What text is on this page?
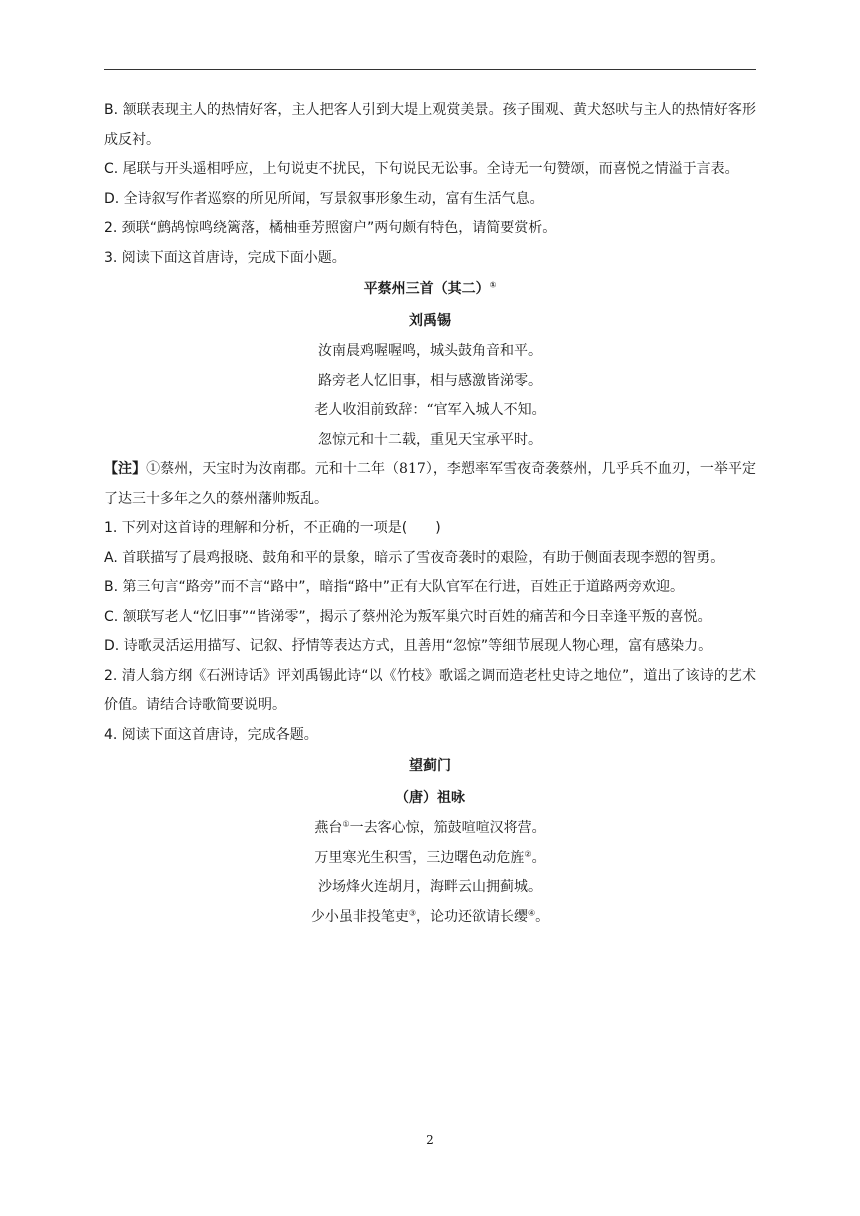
B. 颔联表现主人的热情好客，主人把客人引到大堤上观赏美景。孩子围观、黄犬怒吠与主人的热情好客形成反衬。

C. 尾联与开头遥相呼应，上句说吏不扰民，下句说民无讼事。全诗无一句赞颂，而喜悦之情溢于言表。

D. 全诗叙写作者巡察的所见所闻，写景叙事形象生动，富有生活气息。

2. 颈联“鹧鸪惊鸣绕篱落，橘柚垂芳照窗户”两句颇有特色，请简要赏析。

3. 阅读下面这首唐诗，完成下面小题。

平蔡州三首（其二）①

刘禹锡

汝南晨鸡喔喔鸣，城头鼓角音和平。

路旁老人忆旧事，相与感激皆涕零。

老人收泪前致辞：“官军入城人不知。

忽惊元和十二载，重见天宝承平时。

【注】①蔡州，天宝时为汝南郡。元和十二年（817），李愬率军雪夜奇袭蔡州，几乎兵不血刃，一举平定了达三十多年之久的蔡州藩帅叛乱。

1. 下列对这首诗的理解和分析，不正确的一项是(　　)

A. 首联描写了晨鸡报晓、鼓角和平的景象，暗示了雪夜奇袭时的艰险，有助于侧面表现李愬的智勇。

B. 第三句言“路旁”而不言“路中”，暗指“路中”正有大队官军在行进，百姓正于道路两旁欢迎。

C. 颔联写老人“忆旧事”“皆涕零”，揭示了蔡州沦为叛军巢穴时百姓的痛苦和今日幸逢平叛的喜悦。

D. 诗歌灵活运用描写、记叙、抒情等表达方式，且善用“忽惊”等细节展现人物心理，富有感染力。

2. 清人翁方纲《石洲诗话》评刘禹锡此诗“以《竹枝》歌谣之调而造老杜史诗之地位”，道出了该诗的艺术价值。请结合诗歌简要说明。

4. 阅读下面这首唐诗，完成各题。

望蓟门

（唐）祖咏

燕台①一去客心惊，笳鼓喧喧汉将营。

万里寒光生积雪，三边曙色动危旌②。

沙场烽火连胡月，海畔云山拥蓟城。

少小虽非投笔吏③，论功还欲请长缨④。

2
